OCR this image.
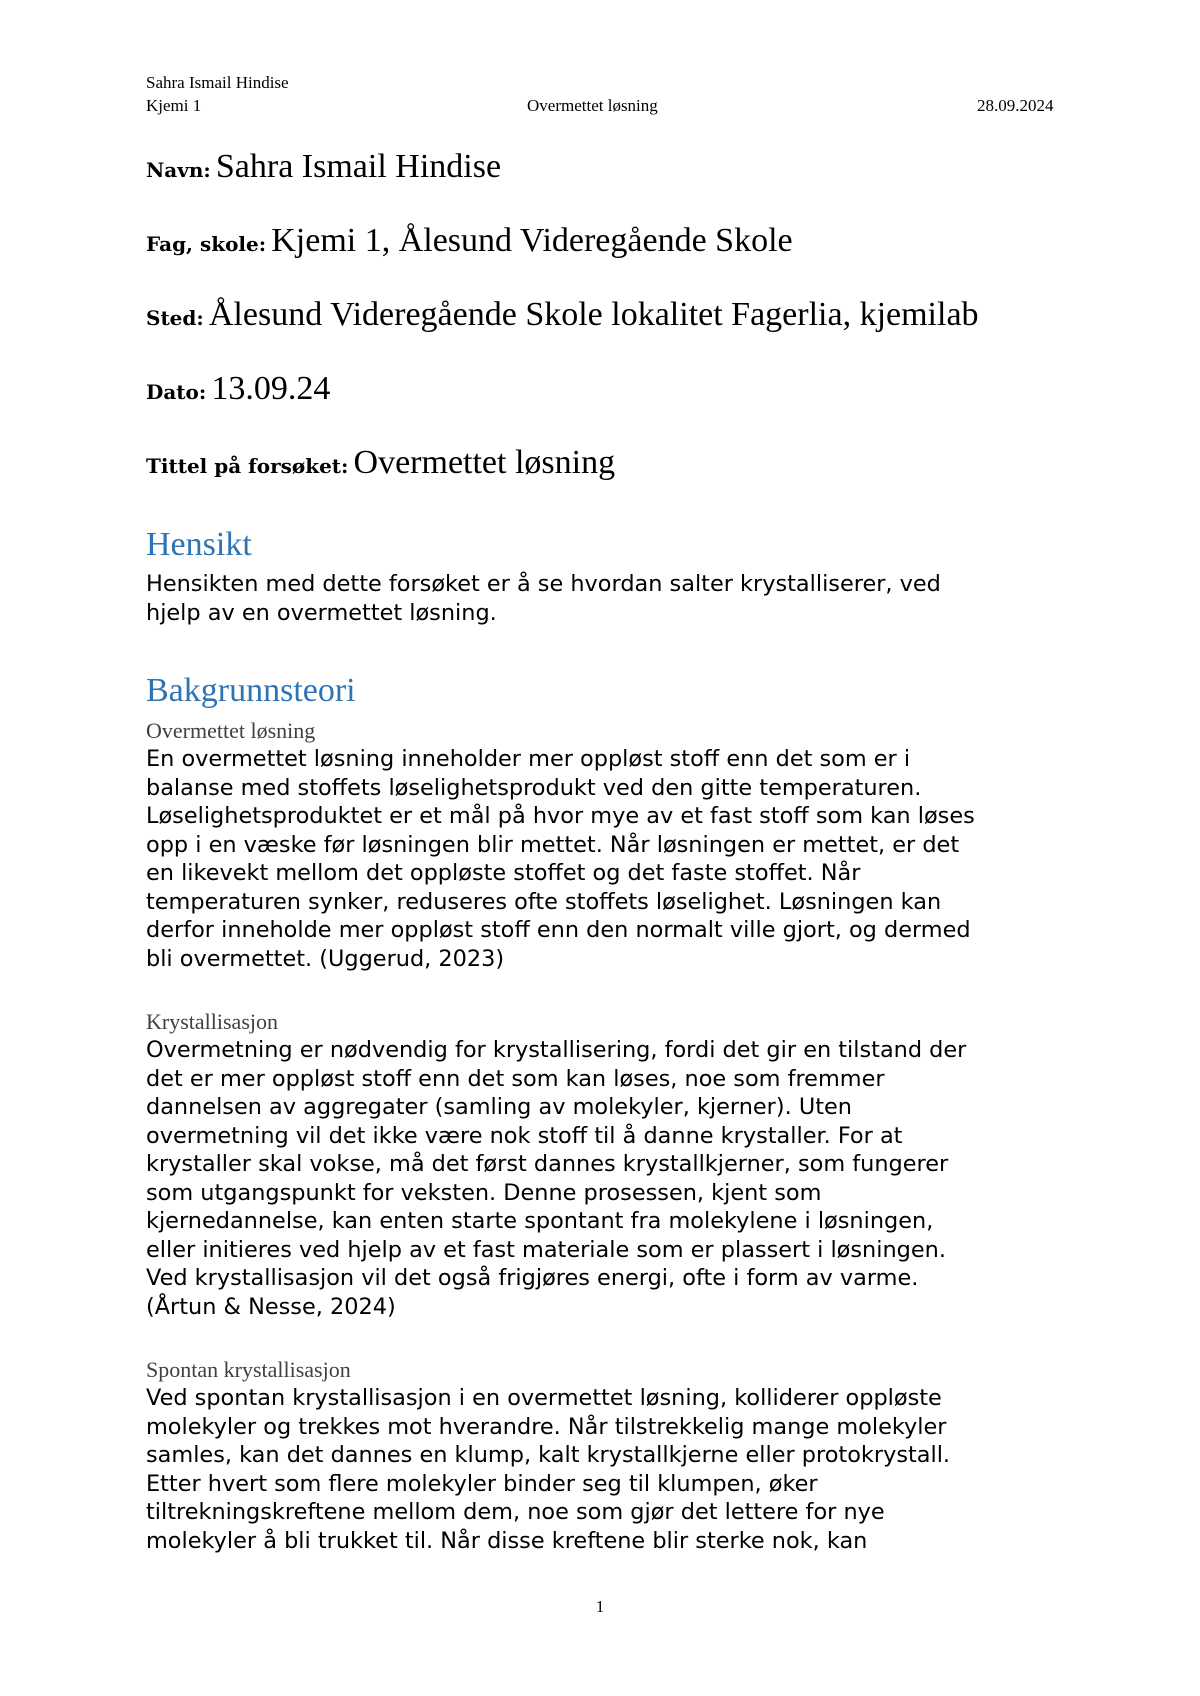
Sahra Ismail Hindise
Kjemi 1	Overmettet løsning	28.09.2024
Navn: Sahra Ismail Hindise
Fag, skole: Kjemi 1, Ålesund Videregående Skole
Sted: Ålesund Videregående Skole lokalitet Fagerlia, kjemilab
Dato: 13.09.24
Tittel på forsøket: Overmettet løsning
Hensikt
Hensikten med dette forsøket er å se hvordan salter krystalliserer, ved
hjelp av en overmettet løsning.
Bakgrunnsteori
Overmettet løsning
En overmettet løsning inneholder mer oppløst stoff enn det som er i
balanse med stoffets løselighetsprodukt ved den gitte temperaturen.
Løselighetsproduktet er et mål på hvor mye av et fast stoff som kan løses
opp i en væske før løsningen blir mettet. Når løsningen er mettet, er det
en likevekt mellom det oppløste stoffet og det faste stoffet. Når
temperaturen synker, reduseres ofte stoffets løselighet. Løsningen kan
derfor inneholde mer oppløst stoff enn den normalt ville gjort, og dermed
bli overmettet. (Uggerud, 2023)
Krystallisasjon
Overmetning er nødvendig for krystallisering, fordi det gir en tilstand der
det er mer oppløst stoff enn det som kan løses, noe som fremmer
dannelsen av aggregater (samling av molekyler, kjerner). Uten
overmetning vil det ikke være nok stoff til å danne krystaller. For at
krystaller skal vokse, må det først dannes krystallkjerner, som fungerer
som utgangspunkt for veksten. Denne prosessen, kjent som
kjernedannelse, kan enten starte spontant fra molekylene i løsningen,
eller initieres ved hjelp av et fast materiale som er plassert i løsningen.
Ved krystallisasjon vil det også frigjøres energi, ofte i form av varme.
(Årtun & Nesse, 2024)
Spontan krystallisasjon
Ved spontan krystallisasjon i en overmettet løsning, kolliderer oppløste
molekyler og trekkes mot hverandre. Når tilstrekkelig mange molekyler
samles, kan det dannes en klump, kalt krystallkjerne eller protokrystall.
Etter hvert som flere molekyler binder seg til klumpen, øker
tiltrekningskreftene mellom dem, noe som gjør det lettere for nye
molekyler å bli trukket til. Når disse kreftene blir sterke nok, kan
1
